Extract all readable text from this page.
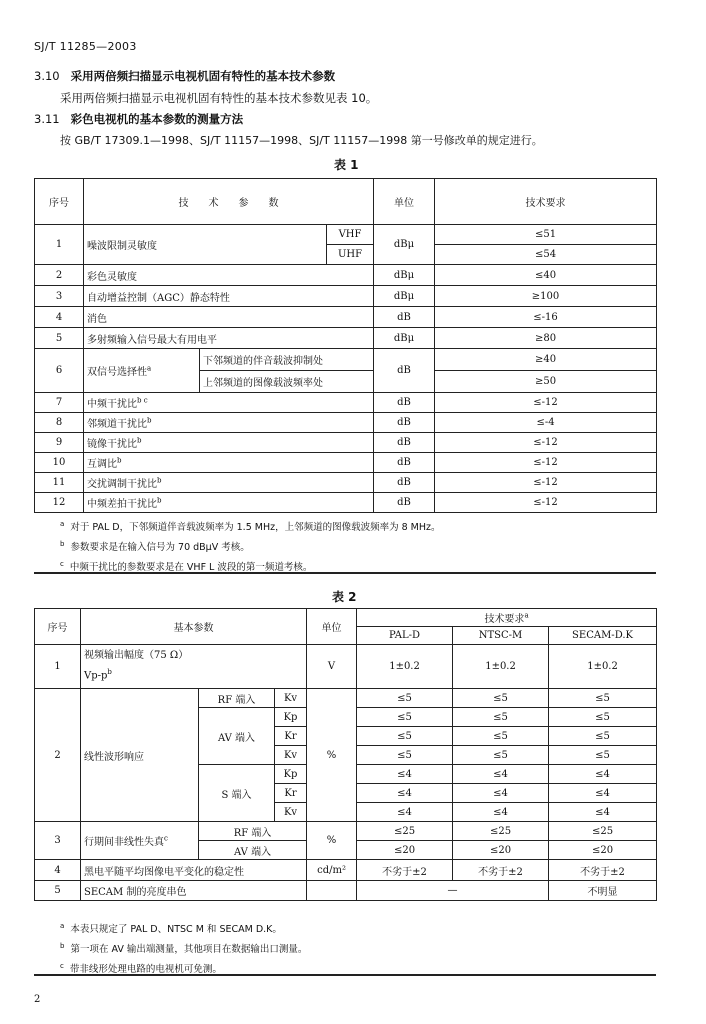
SJ/T 11285—2003
3.10 采用两倍频扫描显示电视机固有特性的基本技术参数
采用两倍频扫描显示电视机固有特性的基本技术参数见表 10。
3.11 彩色电视机的基本参数的测量方法
按 GB/T 17309.1—1998、SJ/T 11157—1998、SJ/T 11157—1998 第一号修改单的规定进行。
表 1
序号	技　　术　　参　　数			单位	技术要求
1	噪波限制灵敏度		VHF	dBμ	≤51
			UHF		≤54
2	彩色灵敏度			dBμ	≤40
3	自动增益控制（AGC）静态特性			dBμ	≥100
4	消色			dB	≤-16
5	多射频输入信号最大有用电平			dBμ	≥80
6	双信号选择性$^a$	下邻频道的伴音载波抑制处		dB	≥40
		上邻频道的图像载波频率处			≥50
7	中频干扰比$^{b c}$			dB	≤-12
8	邻频道干扰比$^b$			dB	≤-4
9	镜像干扰比$^b$			dB	≤-12
10	互调比$^b$			dB	≤-12
11	交扰调制干扰比$^b$			dB	≤-12
12	中频差拍干扰比$^b$			dB	≤-12
$^a$ 对于 PAL D，下邻频道伴音载波频率为 1.5 MHz，上邻频道的图像载波频率为 8 MHz。
$^b$ 参数要求是在输入信号为 70 dBμV 考核。
$^c$ 中频干扰比的参数要求是在 VHF L 波段的第一频道考核。
表 2
序号	基本参数			单位	技术要求$^a$
					PAL-D	NTSC-M	SECAM-D.K
1	视频输出幅度（75 Ω）
$Vp-p^b$			V	1±0.2	1±0.2	1±0.2
2	线性波形响应	RF 端入	Kv	%	≤5	≤5	≤5
		AV 端入	Kp		≤5	≤5	≤5
			Kr		≤5	≤5	≤5
			Kv		≤5	≤5	≤5
		S 端入	Kp		≤4	≤4	≤4
			Kr		≤4	≤4	≤4
			Kv		≤4	≤4	≤4
3	行期间非线性失真$^c$	RF 端入		%	≤25	≤25	≤25
		AV 端入			≤20	≤20	≤20
4	黑电平随平均图像电平变化的稳定性			cd/m²	不劣于±2	不劣于±2	不劣于±2
5	SECAM 制的亮度串色				—		不明显
$^a$ 本表只规定了 PAL D、NTSC M 和 SECAM D.K。
$^b$ 第一项在 AV 输出端测量，其他项目在数据输出口测量。
$^c$ 带非线形处理电路的电视机可免测。
2
